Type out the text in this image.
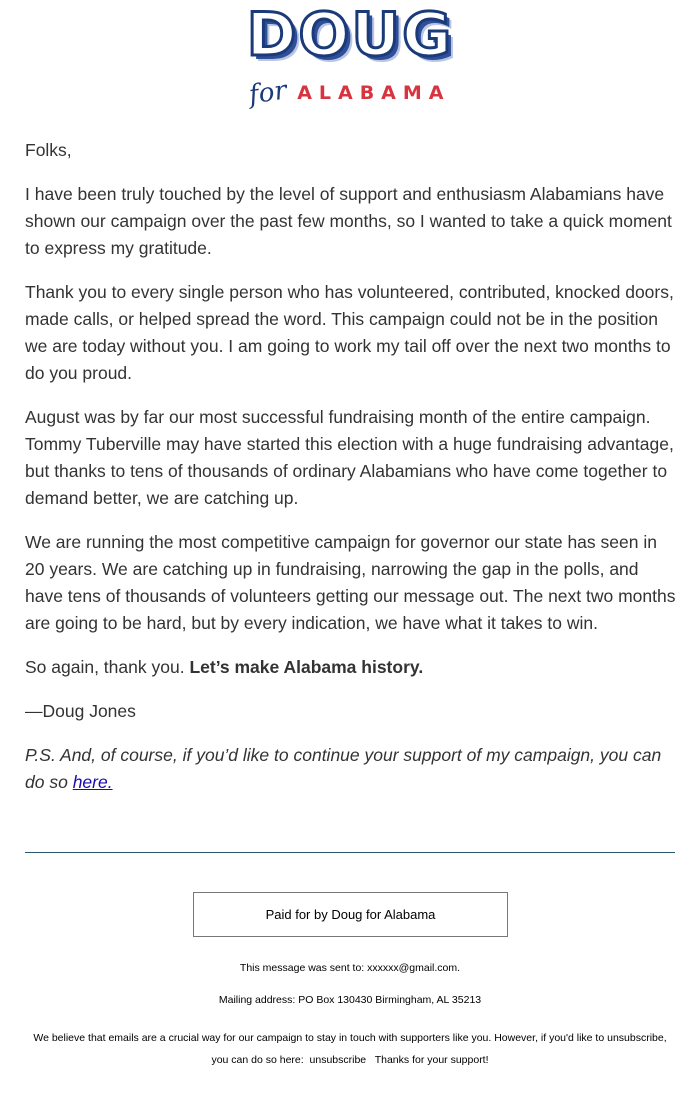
DOUG
for ALABAMA

Folks,

I have been truly touched by the level of support and enthusiasm Alabamians have shown our campaign over the past few months, so I wanted to take a quick moment to express my gratitude.

Thank you to every single person who has volunteered, contributed, knocked doors, made calls, or helped spread the word. This campaign could not be in the position we are today without you. I am going to work my tail off over the next two months to do you proud.

August was by far our most successful fundraising month of the entire campaign. Tommy Tuberville may have started this election with a huge fundraising advantage, but thanks to tens of thousands of ordinary Alabamians who have come together to demand better, we are catching up.

We are running the most competitive campaign for governor our state has seen in 20 years. We are catching up in fundraising, narrowing the gap in the polls, and have tens of thousands of volunteers getting our message out. The next two months are going to be hard, but by every indication, we have what it takes to win.

So again, thank you. Let’s make Alabama history.

—Doug Jones

P.S. And, of course, if you’d like to continue your support of my campaign, you can do so here.

Paid for by Doug for Alabama
This message was sent to: xxxxxx@gmail.com.
Mailing address: PO Box 130430 Birmingham, AL 35213
We believe that emails are a crucial way for our campaign to stay in touch with supporters like you. However, if you'd like to unsubscribe, you can do so here: unsubscribe Thanks for your support!
